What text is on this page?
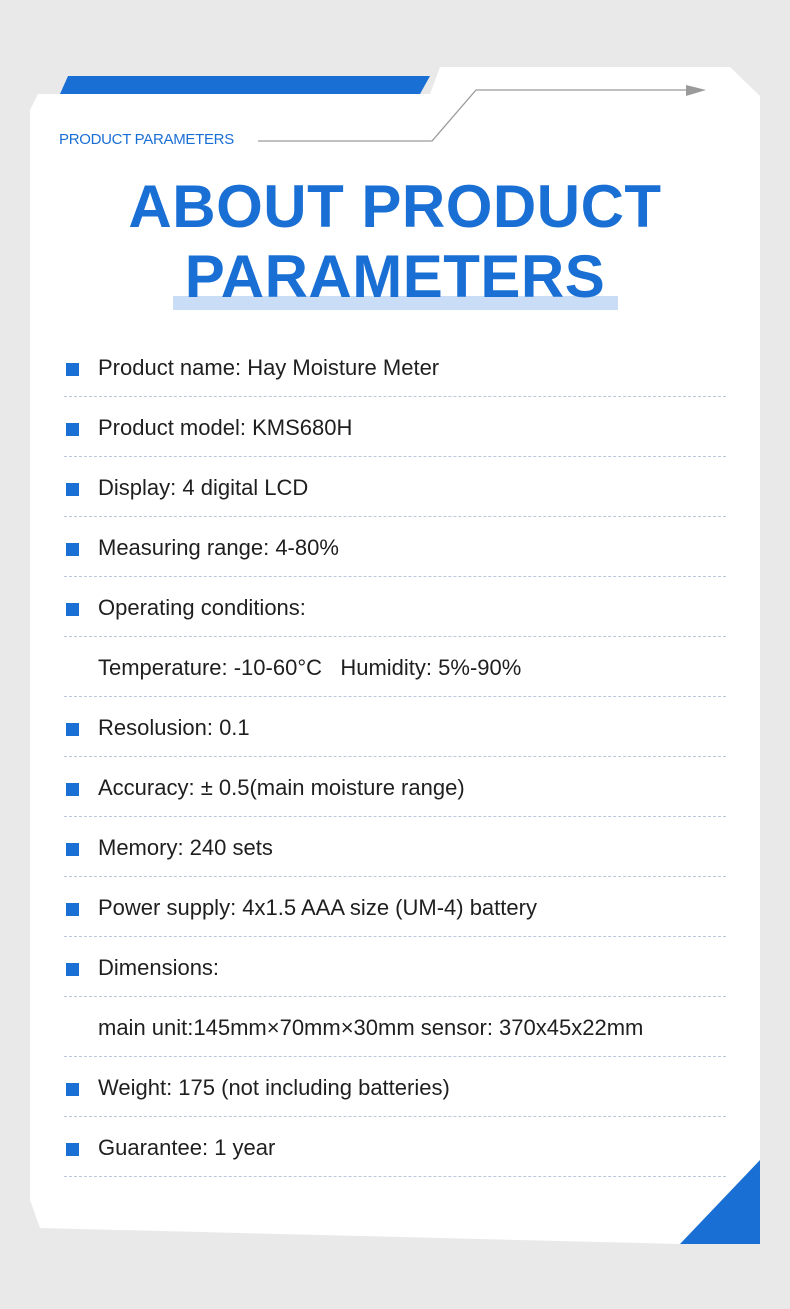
PRODUCT PARAMETERS
ABOUT PRODUCT
PARAMETERS
Product name: Hay Moisture Meter
Product model: KMS680H
Display: 4 digital LCD
Measuring range: 4-80%
Operating conditions:
Temperature: -10-60°C   Humidity: 5%-90%
Resolusion: 0.1
Accuracy: ± 0.5(main moisture range)
Memory: 240 sets
Power supply: 4x1.5 AAA size (UM-4) battery
Dimensions:
main unit:145mm×70mm×30mm sensor: 370x45x22mm
Weight: 175 (not including batteries)
Guarantee: 1 year
